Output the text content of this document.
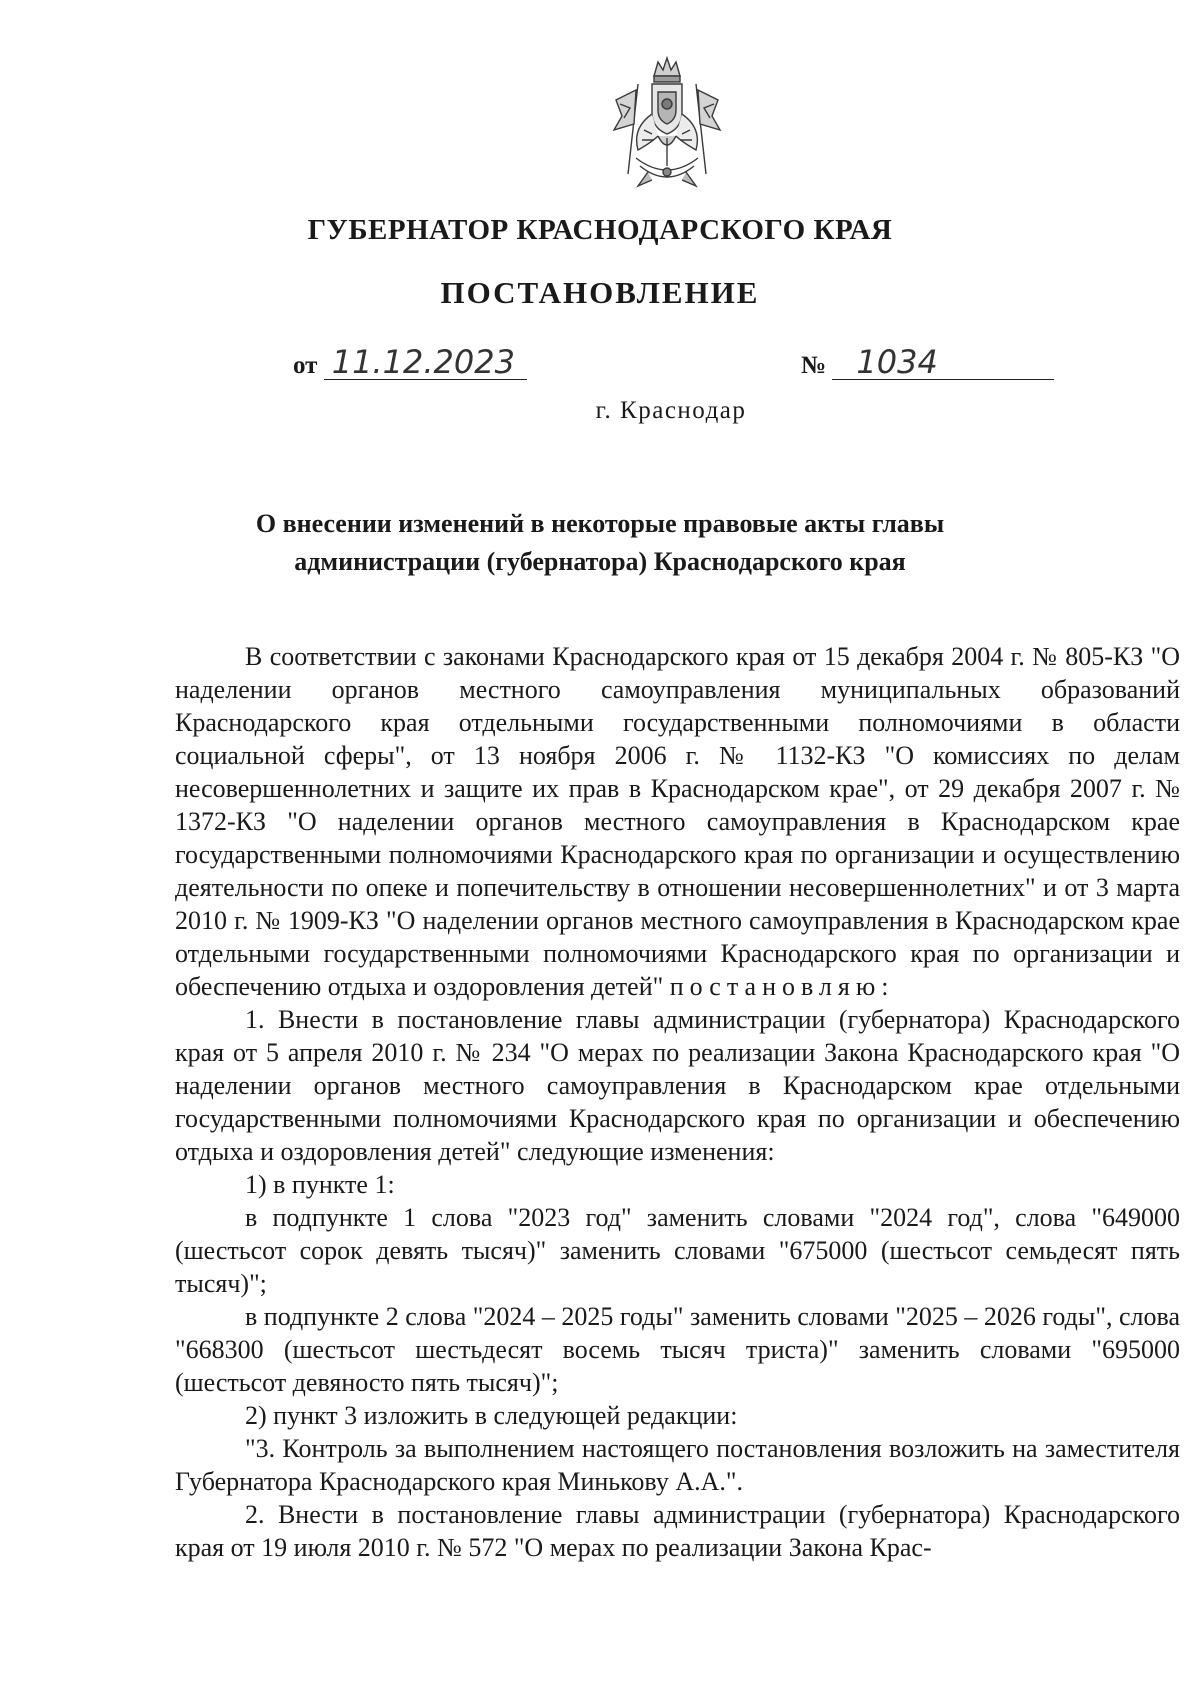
ГУБЕРНАТОР КРАСНОДАРСКОГО КРАЯ
ПОСТАНОВЛЕНИЕ
от 11.12.2023	№ 1034
г. Краснодар
О внесении изменений в некоторые правовые акты главы
администрации (губернатора) Краснодарского края

В соответствии с законами Краснодарского края от 15 декабря 2004 г. № 805-КЗ "О наделении органов местного самоуправления муниципальных образований Краснодарского края отдельными государственными полномочиями в области социальной сферы", от 13 ноября 2006 г. № 1132-КЗ "О комиссиях по делам несовершеннолетних и защите их прав в Краснодарском крае", от 29 декабря 2007 г. № 1372-КЗ "О наделении органов местного самоуправления в Краснодарском крае государственными полномочиями Краснодарского края по организации и осуществлению деятельности по опеке и попечительству в отношении несовершеннолетних" и от 3 марта 2010 г. № 1909-КЗ "О наделении органов местного самоуправления в Краснодарском крае отдельными государственными полномочиями Краснодарского края по организации и обеспечению отдыха и оздоровления детей" постановляю:

1. Внести в постановление главы администрации (губернатора) Краснодарского края от 5 апреля 2010 г. № 234 "О мерах по реализации Закона Краснодарского края "О наделении органов местного самоуправления в Краснодарском крае отдельными государственными полномочиями Краснодарского края по организации и обеспечению отдыха и оздоровления детей" следующие изменения:

1) в пункте 1:

в подпункте 1 слова "2023 год" заменить словами "2024 год", слова "649000 (шестьсот сорок девять тысяч)" заменить словами "675000 (шестьсот семьдесят пять тысяч)";

в подпункте 2 слова "2024 – 2025 годы" заменить словами "2025 – 2026 годы", слова "668300 (шестьсот шестьдесят восемь тысяч триста)" заменить словами "695000 (шестьсот девяносто пять тысяч)";

2) пункт 3 изложить в следующей редакции:

"3. Контроль за выполнением настоящего постановления возложить на заместителя Губернатора Краснодарского края Минькову А.А.".

2. Внести в постановление главы администрации (губернатора) Краснодарского края от 19 июля 2010 г. № 572 "О мерах по реализации Закона Крас-
